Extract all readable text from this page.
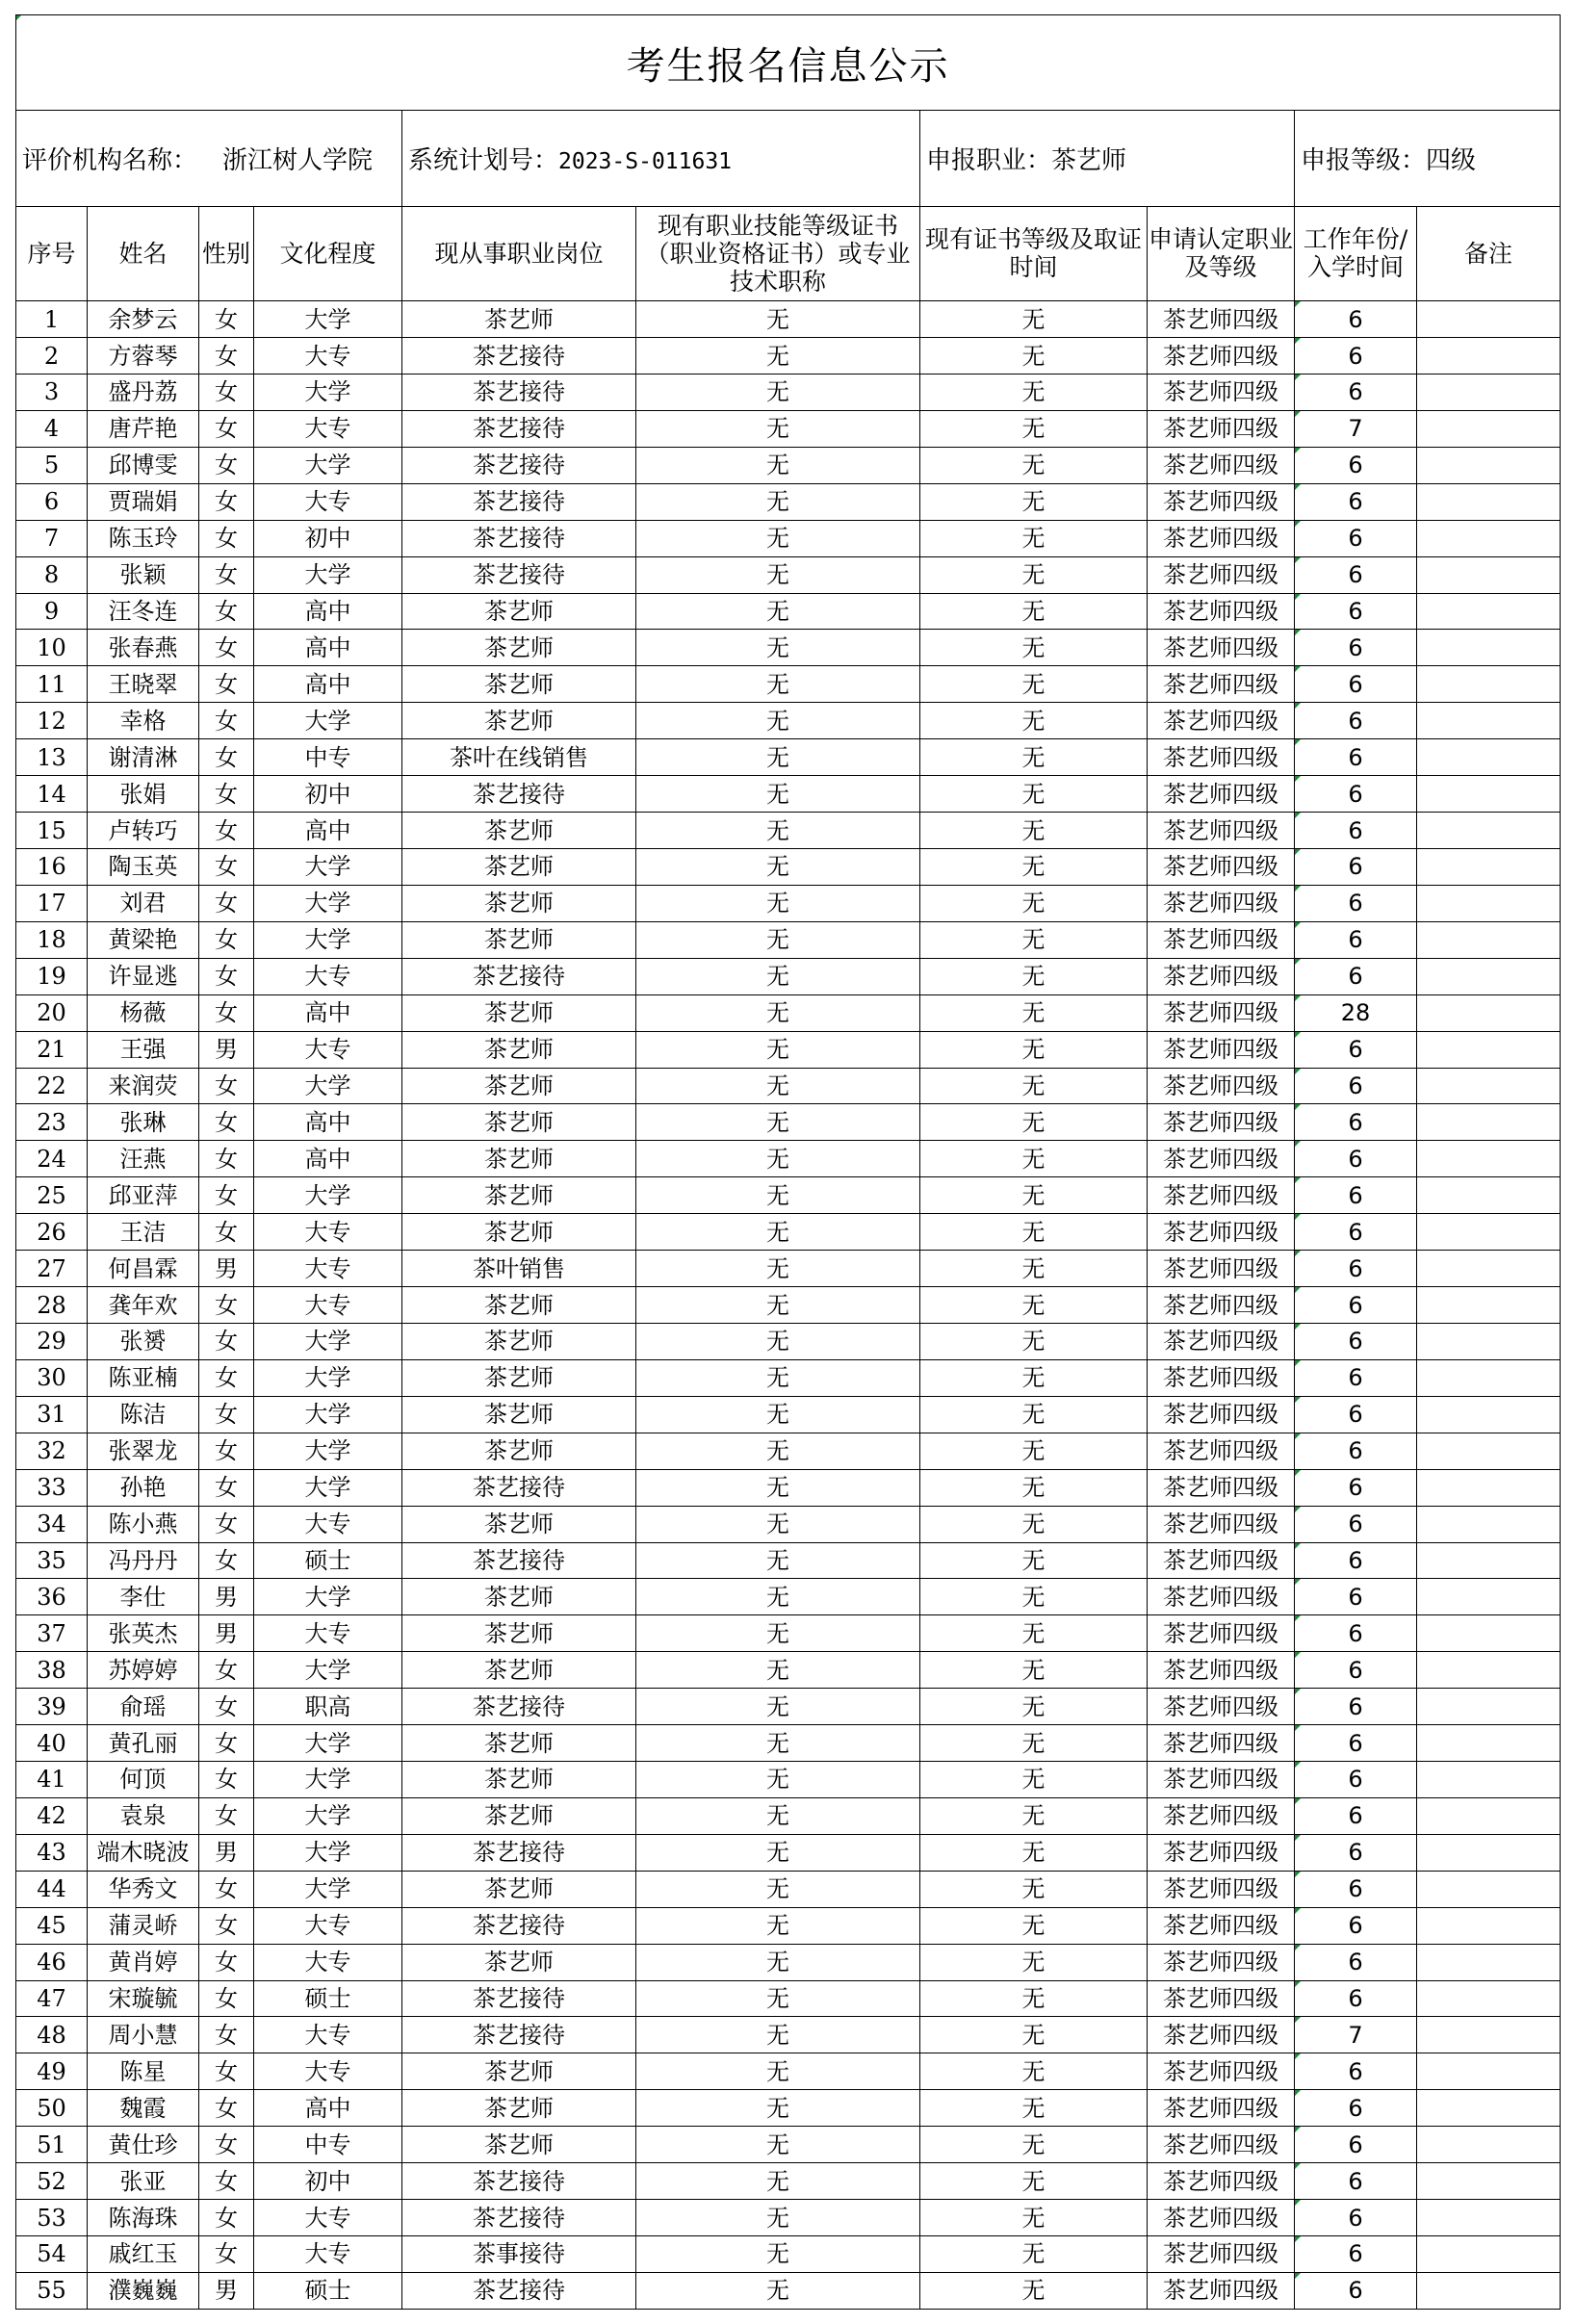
考生报名信息公示									
评价机构名称： 浙江树人学院				系统计划号：2023-S-011631		申报职业：茶艺师		申报等级：四级	
序号	姓名	性别	文化程度	现从事职业岗位	现有职业技能等级证书（职业资格证书）或专业技术职称	现有证书等级及取证时间	申请认定职业及等级	工作年份/入学时间	备注
1	余梦云	女	大学	茶艺师	无	无	茶艺师四级	6	
2	方蓉琴	女	大专	茶艺接待	无	无	茶艺师四级	6	
3	盛丹荔	女	大学	茶艺接待	无	无	茶艺师四级	6	
4	唐芹艳	女	大专	茶艺接待	无	无	茶艺师四级	7	
5	邱博雯	女	大学	茶艺接待	无	无	茶艺师四级	6	
6	贾瑞娟	女	大专	茶艺接待	无	无	茶艺师四级	6	
7	陈玉玲	女	初中	茶艺接待	无	无	茶艺师四级	6	
8	张颖	女	大学	茶艺接待	无	无	茶艺师四级	6	
9	汪冬连	女	高中	茶艺师	无	无	茶艺师四级	6	
10	张春燕	女	高中	茶艺师	无	无	茶艺师四级	6	
11	王晓翠	女	高中	茶艺师	无	无	茶艺师四级	6	
12	幸格	女	大学	茶艺师	无	无	茶艺师四级	6	
13	谢清淋	女	中专	茶叶在线销售	无	无	茶艺师四级	6	
14	张娟	女	初中	茶艺接待	无	无	茶艺师四级	6	
15	卢转巧	女	高中	茶艺师	无	无	茶艺师四级	6	
16	陶玉英	女	大学	茶艺师	无	无	茶艺师四级	6	
17	刘君	女	大学	茶艺师	无	无	茶艺师四级	6	
18	黄梁艳	女	大学	茶艺师	无	无	茶艺师四级	6	
19	许显逃	女	大专	茶艺接待	无	无	茶艺师四级	6	
20	杨薇	女	高中	茶艺师	无	无	茶艺师四级	28	
21	王强	男	大专	茶艺师	无	无	茶艺师四级	6	
22	来润荧	女	大学	茶艺师	无	无	茶艺师四级	6	
23	张琳	女	高中	茶艺师	无	无	茶艺师四级	6	
24	汪燕	女	高中	茶艺师	无	无	茶艺师四级	6	
25	邱亚萍	女	大学	茶艺师	无	无	茶艺师四级	6	
26	王洁	女	大专	茶艺师	无	无	茶艺师四级	6	
27	何昌霖	男	大专	茶叶销售	无	无	茶艺师四级	6	
28	龚年欢	女	大专	茶艺师	无	无	茶艺师四级	6	
29	张赟	女	大学	茶艺师	无	无	茶艺师四级	6	
30	陈亚楠	女	大学	茶艺师	无	无	茶艺师四级	6	
31	陈洁	女	大学	茶艺师	无	无	茶艺师四级	6	
32	张翠龙	女	大学	茶艺师	无	无	茶艺师四级	6	
33	孙艳	女	大学	茶艺接待	无	无	茶艺师四级	6	
34	陈小燕	女	大专	茶艺师	无	无	茶艺师四级	6	
35	冯丹丹	女	硕士	茶艺接待	无	无	茶艺师四级	6	
36	李仕	男	大学	茶艺师	无	无	茶艺师四级	6	
37	张英杰	男	大专	茶艺师	无	无	茶艺师四级	6	
38	苏婷婷	女	大学	茶艺师	无	无	茶艺师四级	6	
39	俞瑶	女	职高	茶艺接待	无	无	茶艺师四级	6	
40	黄孔丽	女	大学	茶艺师	无	无	茶艺师四级	6	
41	何顶	女	大学	茶艺师	无	无	茶艺师四级	6	
42	袁泉	女	大学	茶艺师	无	无	茶艺师四级	6	
43	端木晓波	男	大学	茶艺接待	无	无	茶艺师四级	6	
44	华秀文	女	大学	茶艺师	无	无	茶艺师四级	6	
45	蒲灵峤	女	大专	茶艺接待	无	无	茶艺师四级	6	
46	黄肖婷	女	大专	茶艺师	无	无	茶艺师四级	6	
47	宋璇毓	女	硕士	茶艺接待	无	无	茶艺师四级	6	
48	周小慧	女	大专	茶艺接待	无	无	茶艺师四级	7	
49	陈星	女	大专	茶艺师	无	无	茶艺师四级	6	
50	魏霞	女	高中	茶艺师	无	无	茶艺师四级	6	
51	黄仕珍	女	中专	茶艺师	无	无	茶艺师四级	6	
52	张亚	女	初中	茶艺接待	无	无	茶艺师四级	6	
53	陈海珠	女	大专	茶艺接待	无	无	茶艺师四级	6	
54	戚红玉	女	大专	茶事接待	无	无	茶艺师四级	6	
55	濮巍巍	男	硕士	茶艺接待	无	无	茶艺师四级	6	
